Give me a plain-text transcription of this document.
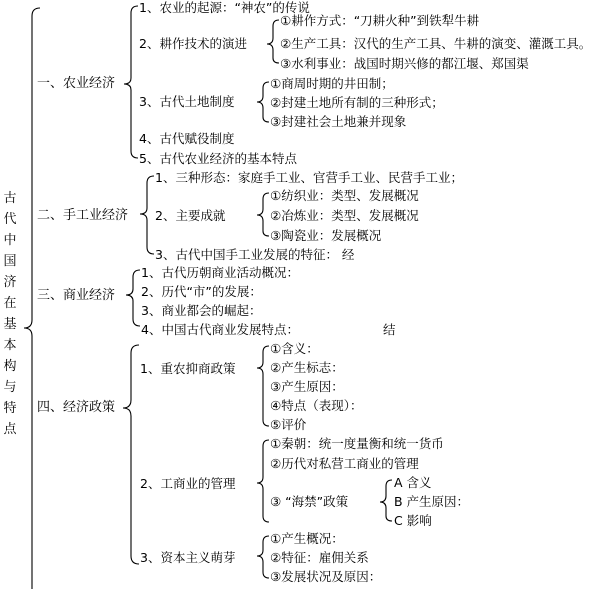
古代中国济在基本构与特点
一、农业经济
1、农业的起源：“神农”的传说
2、耕作技术的演进
①耕作方式：“刀耕火种”到铁犁牛耕
②生产工具：汉代的生产工具、牛耕的演变、灌溉工具。
③水利事业：战国时期兴修的都江堰、郑国渠
3、古代土地制度
①商周时期的井田制；
②封建土地所有制的三种形式；
③封建社会土地兼并现象
4、古代赋役制度
5、古代农业经济的基本特点
二、手工业经济
1、三种形态：家庭手工业、官营手工业、民营手工业；
2、主要成就
①纺织业：类型、发展概况
②冶炼业：类型、发展概况
③陶瓷业：发展概况
3、古代中国手工业发展的特征： 经
三、商业经济
1、古代历朝商业活动概况：
2、历代“市”的发展：
3、商业都会的崛起：
4、中国古代商业发展特点：	结
四、经济政策
1、重农抑商政策
①含义：
②产生标志：
③产生原因：
④特点（表现）：
⑤评价
2、工商业的管理
①秦朝：统一度量衡和统一货币
②历代对私营工商业的管理
③ “海禁”政策
A 含义
B 产生原因：
C 影响
3、资本主义萌芽
①产生概况：
②特征：雇佣关系
③发展状况及原因：
